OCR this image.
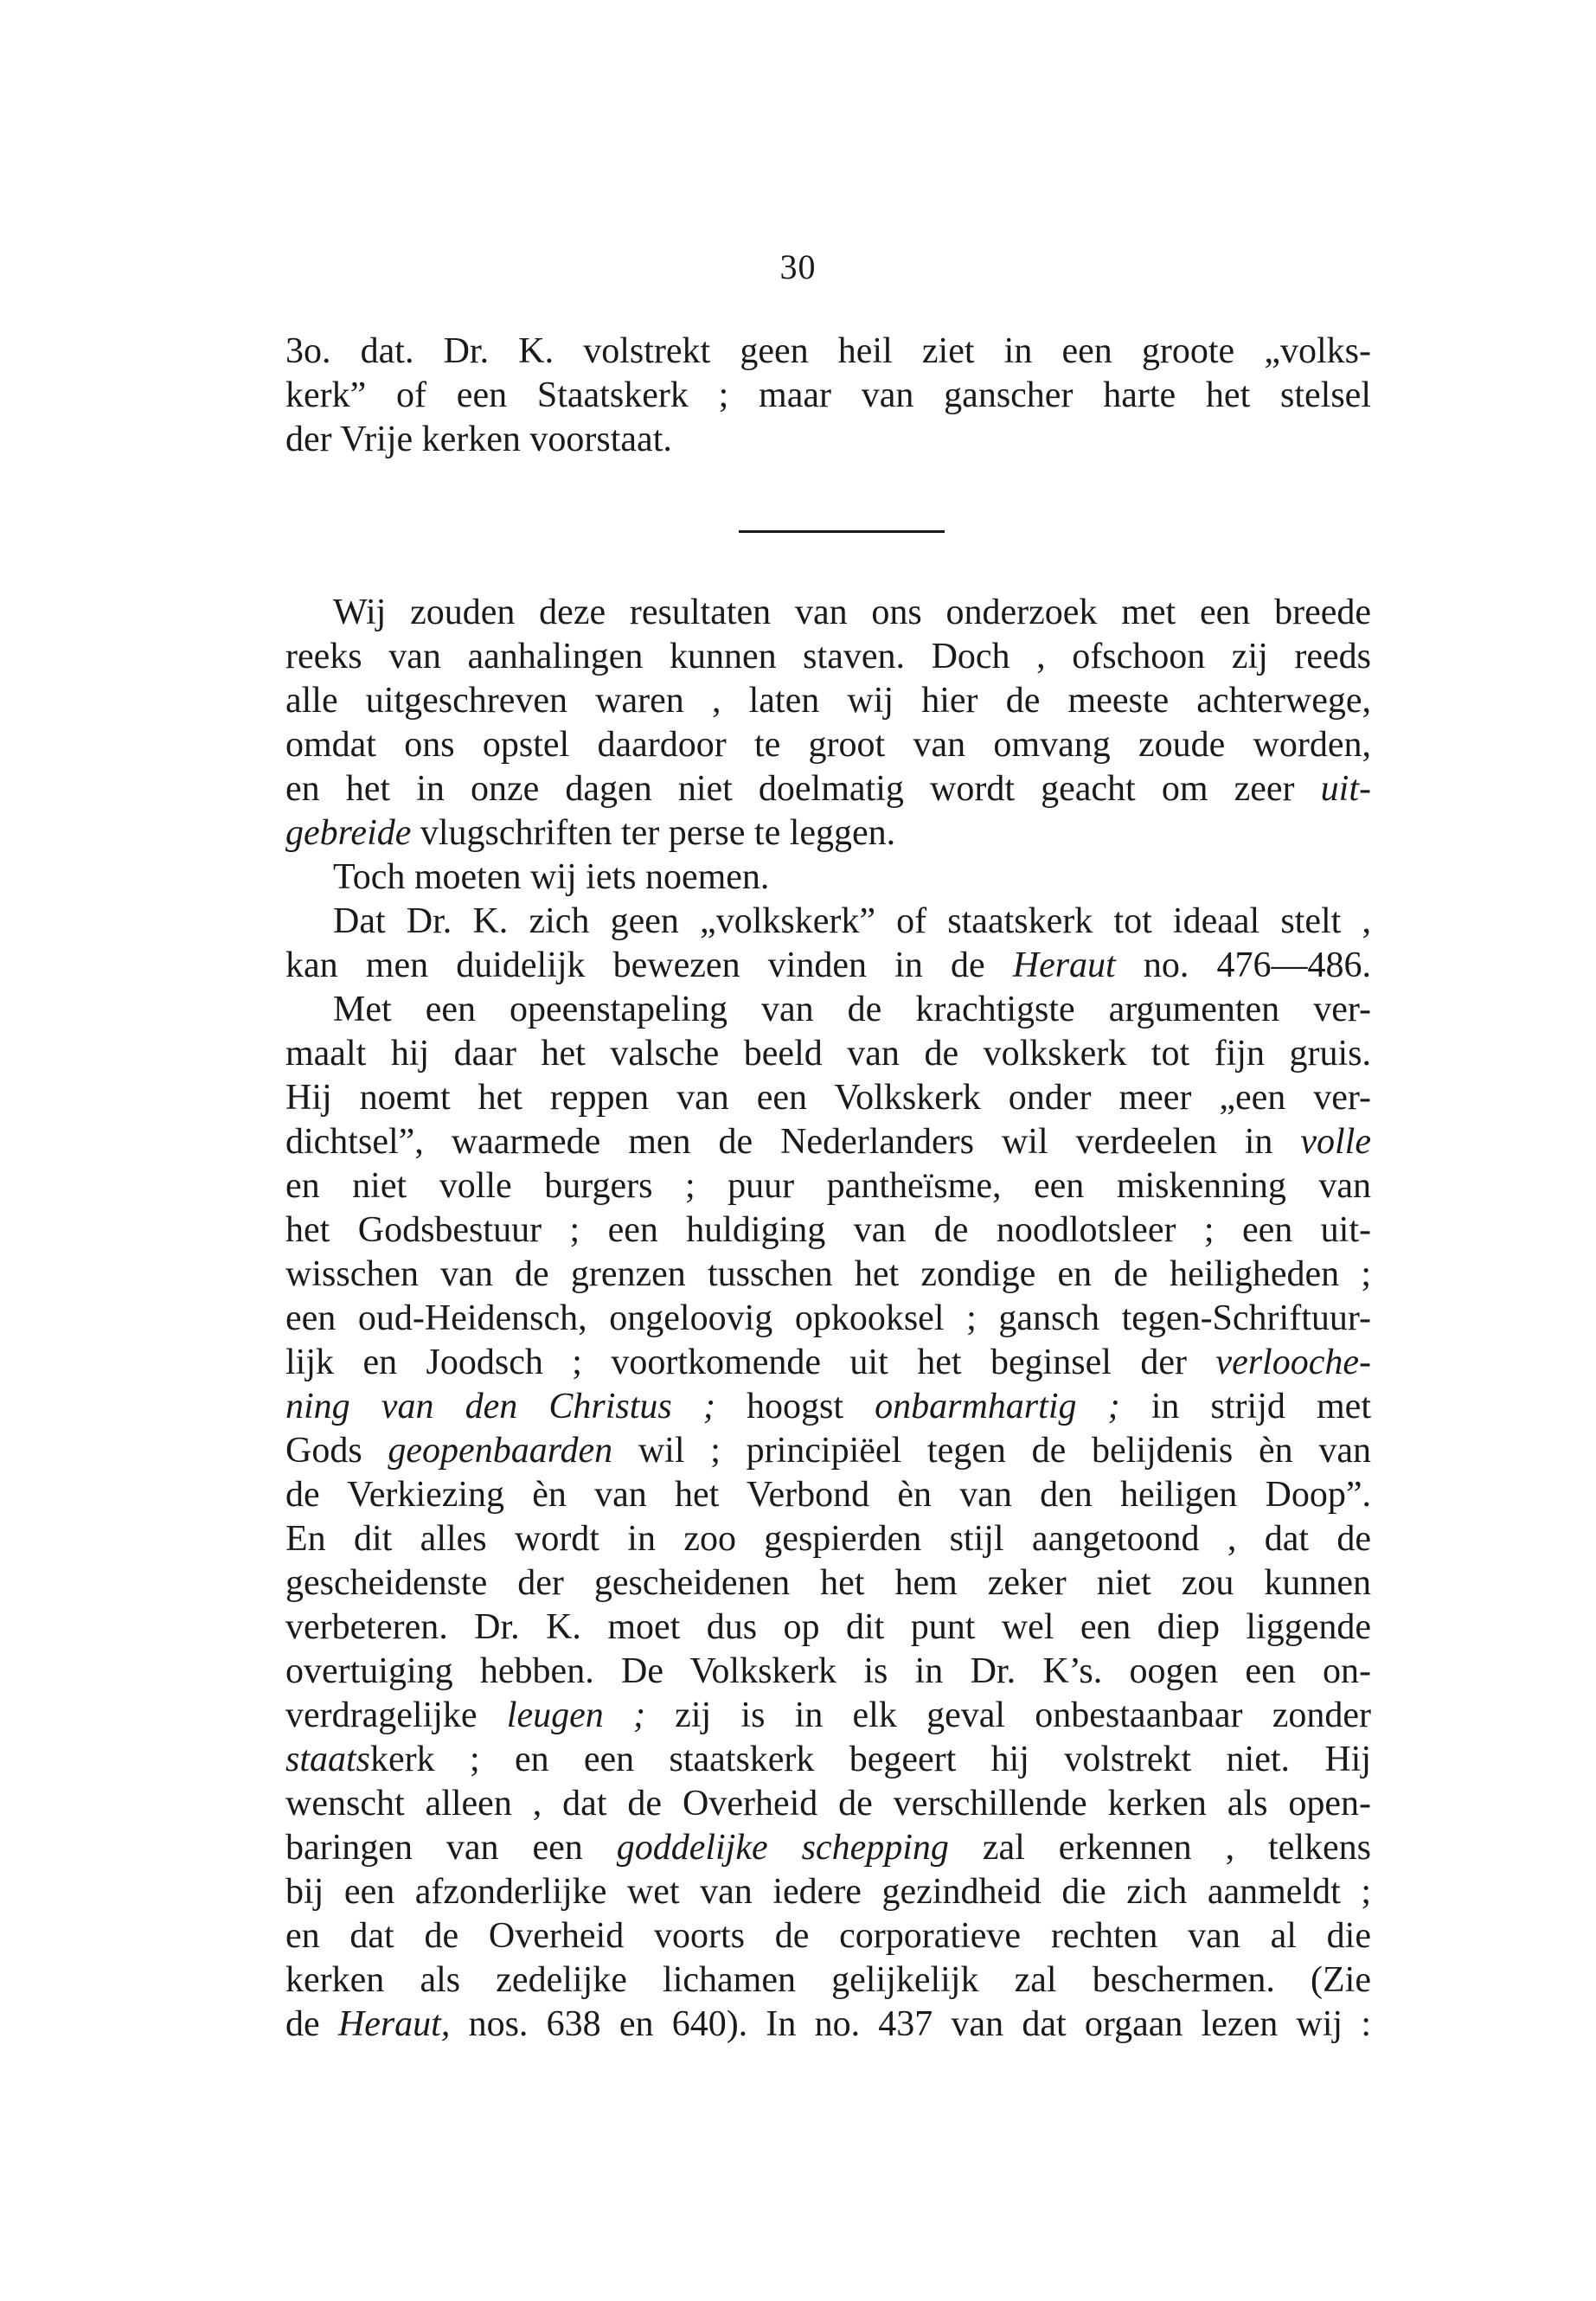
30
3o. dat. Dr. K. volstrekt geen heil ziet in een groote „volks-
kerk” of een Staatskerk ; maar van ganscher harte het stelsel
der Vrije kerken voorstaat.
Wij zouden deze resultaten van ons onderzoek met een breede
reeks van aanhalingen kunnen staven. Doch , ofschoon zij reeds
alle uitgeschreven waren , laten wij hier de meeste achterwege,
omdat ons opstel daardoor te groot van omvang zoude worden,
en het in onze dagen niet doelmatig wordt geacht om zeer uit-
gebreide vlugschriften ter perse te leggen.
Toch moeten wij iets noemen.
Dat Dr. K. zich geen „volkskerk” of staatskerk tot ideaal stelt ,
kan men duidelijk bewezen vinden in de Heraut no. 476—486.
Met een opeenstapeling van de krachtigste argumenten ver-
maalt hij daar het valsche beeld van de volkskerk tot fijn gruis.
Hij noemt het reppen van een Volkskerk onder meer „een ver-
dichtsel”, waarmede men de Nederlanders wil verdeelen in volle
en niet volle burgers ; puur pantheïsme, een miskenning van
het Godsbestuur ; een huldiging van de noodlotsleer ; een uit-
wisschen van de grenzen tusschen het zondige en de heiligheden ;
een oud-Heidensch, ongeloovig opkooksel ; gansch tegen-Schriftuur-
lijk en Joodsch ; voortkomende uit het beginsel der verlooche-
ning van den Christus ; hoogst onbarmhartig ; in strijd met
Gods geopenbaarden wil ; principiëel tegen de belijdenis èn van
de Verkiezing èn van het Verbond èn van den heiligen Doop”.
En dit alles wordt in zoo gespierden stijl aangetoond , dat de
gescheidenste der gescheidenen het hem zeker niet zou kunnen
verbeteren. Dr. K. moet dus op dit punt wel een diep liggende
overtuiging hebben. De Volkskerk is in Dr. K’s. oogen een on-
verdragelijke leugen ; zij is in elk geval onbestaanbaar zonder
staatskerk ; en een staatskerk begeert hij volstrekt niet. Hij
wenscht alleen , dat de Overheid de verschillende kerken als open-
baringen van een goddelijke schepping zal erkennen , telkens
bij een afzonderlijke wet van iedere gezindheid die zich aanmeldt ;
en dat de Overheid voorts de corporatieve rechten van al die
kerken als zedelijke lichamen gelijkelijk zal beschermen. (Zie
de Heraut, nos. 638 en 640). In no. 437 van dat orgaan lezen wij :
